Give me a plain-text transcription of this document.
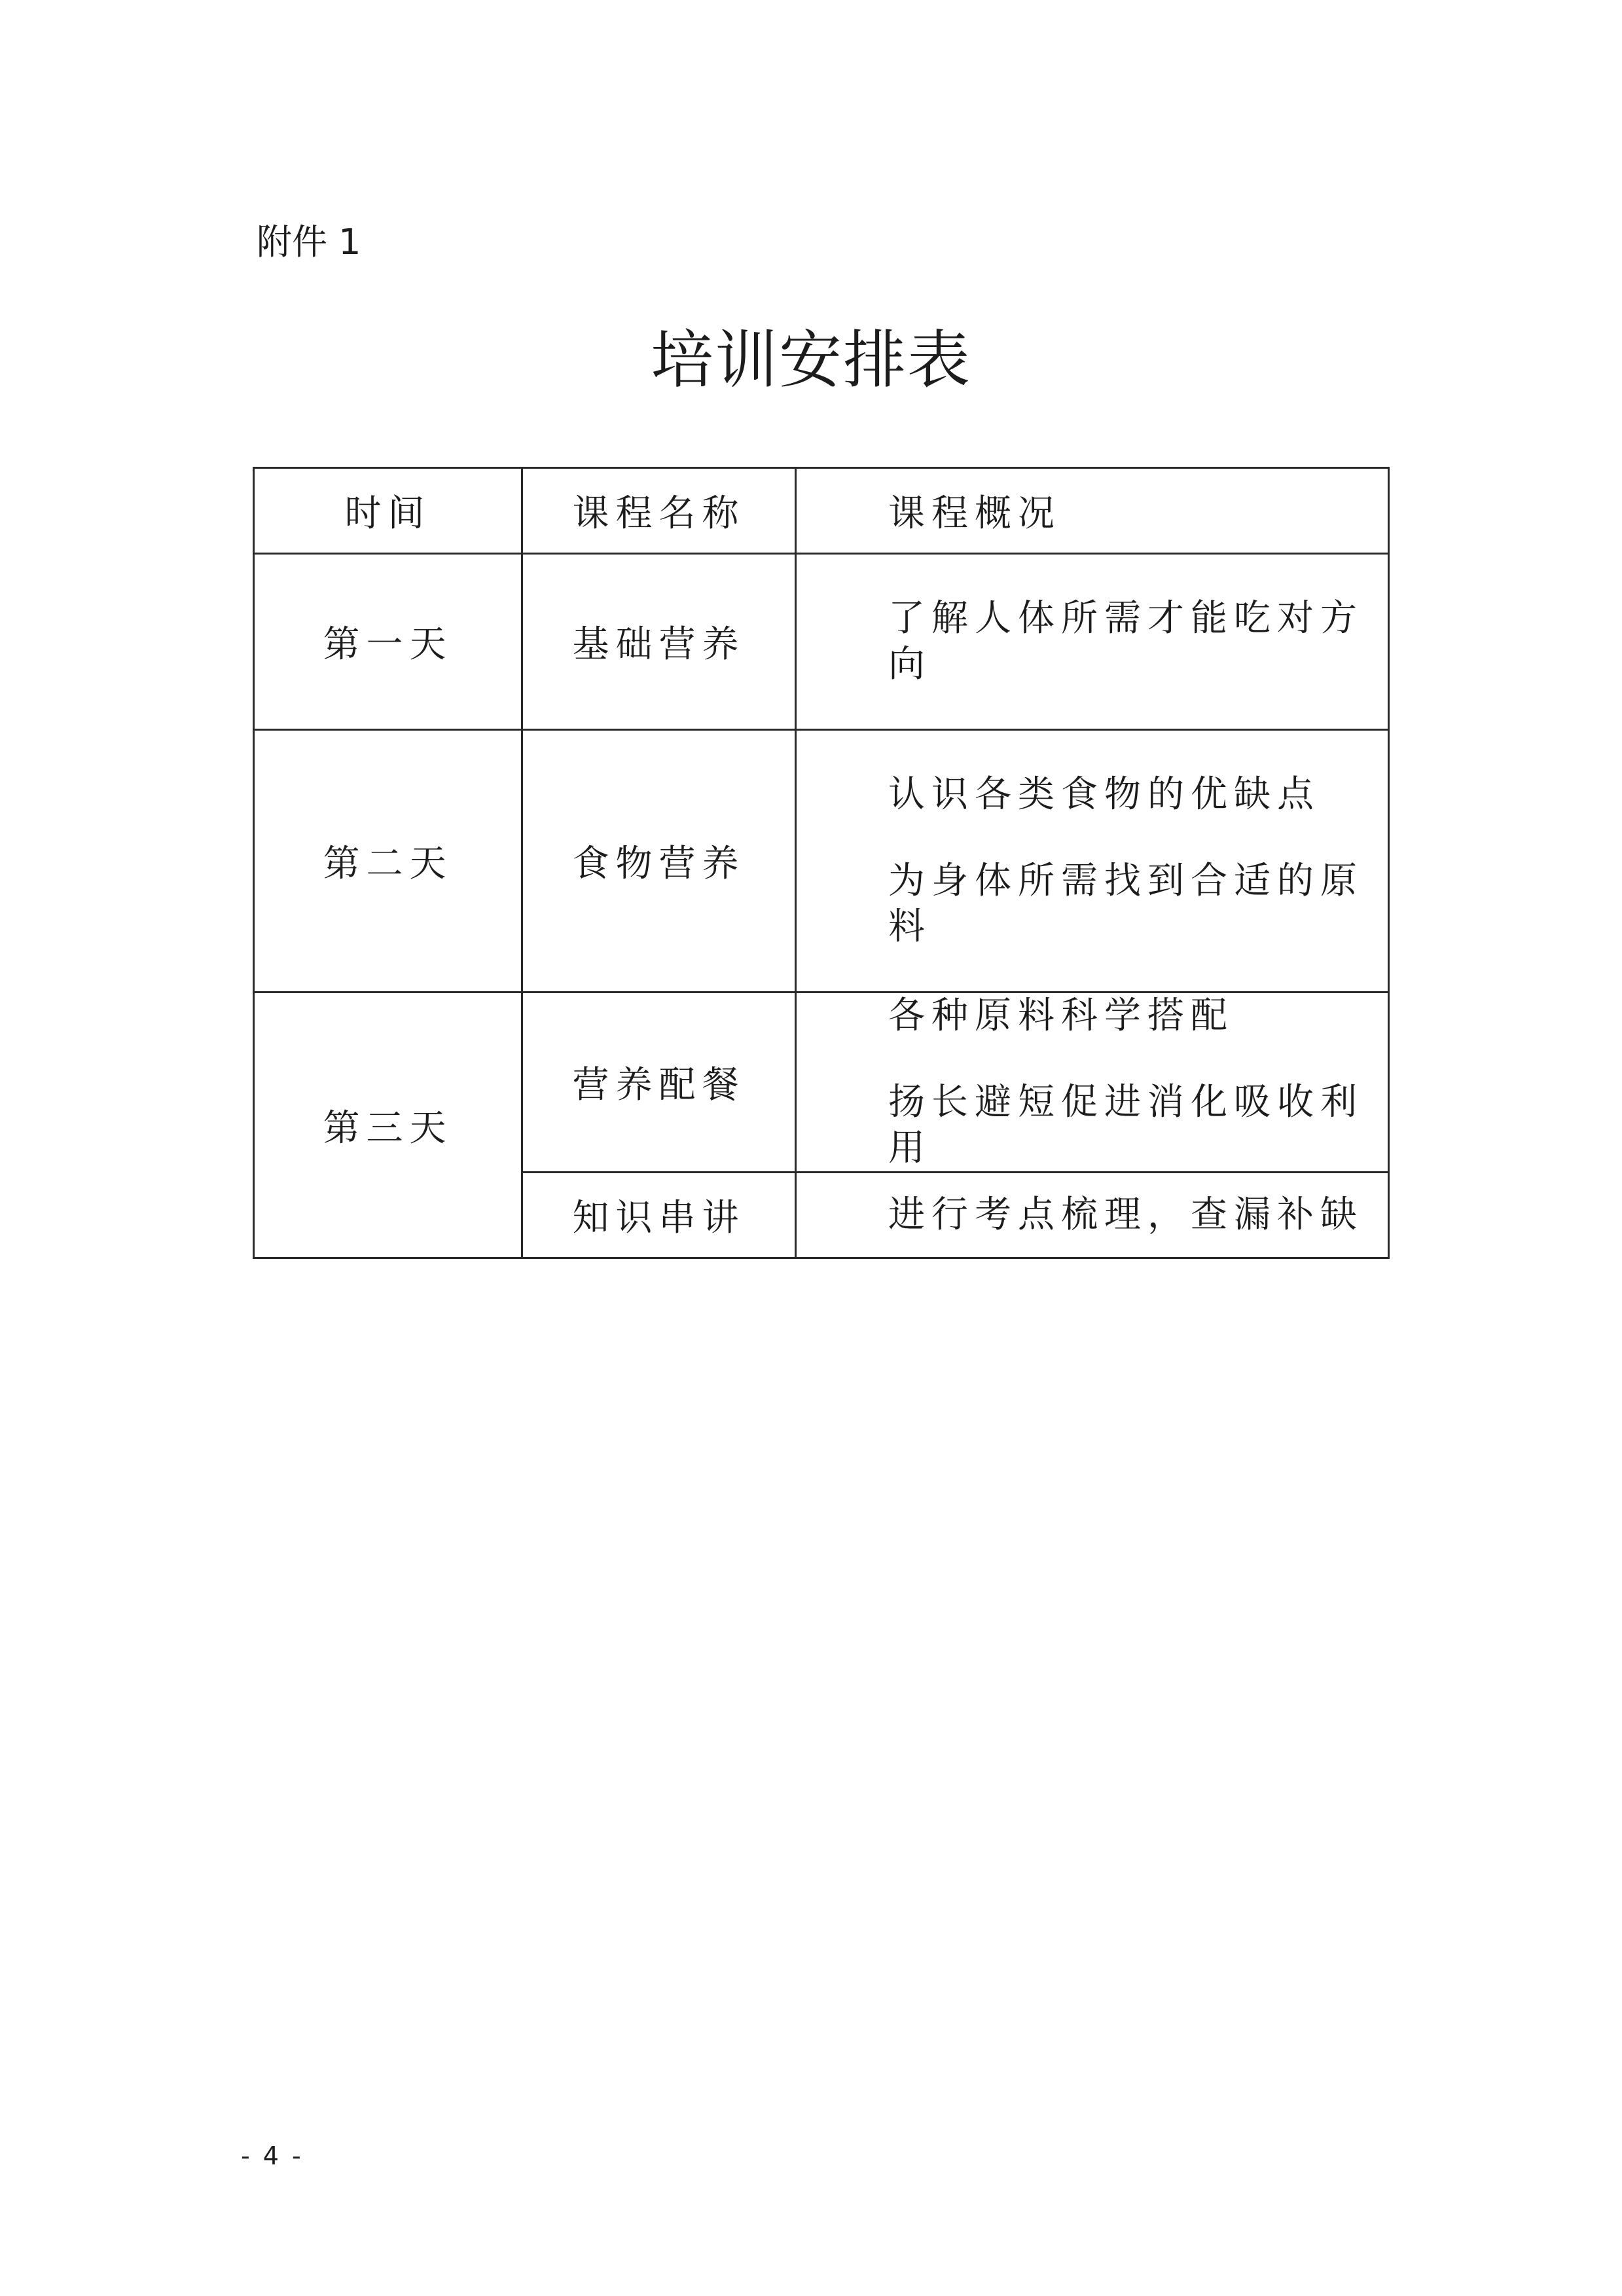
附件 1
培训安排表
时间	课程名称	课程概况
第一天	基础营养	了解人体所需才能吃对方向

第二天	食物营养	认识各类食物的优缺点
为身体所需找到合适的原料

第三天	营养配餐	各种原料科学搭配
扬长避短促进消化吸收利用

	知识串讲	进行考点梳理，查漏补缺
- 4 -
